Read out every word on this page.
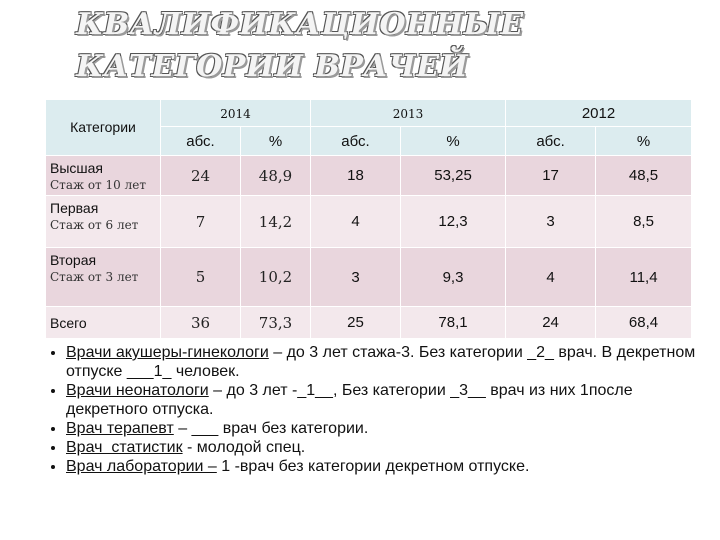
КВАЛИФИКАЦИОННЫЕ
КАТЕГОРИИ ВРАЧЕЙ
Категории	2014		2013		2012	
	абс.	%	абс.	%	абс.	%

Высшая
Стаж от 10 лет	24	48,9	18	53,25	17	48,5

Первая
Стаж от 6 лет	7	14,2	4	12,3	3	8,5

Вторая
Стаж от 3 лет	5	10,2	3	9,3	4	11,4

Всего	36	73,3	25	78,1	24	68,4
• Врачи акушеры-гинекологи – до 3 лет стажа-3. Без категории _2_ врач. В декретном отпуске ___1_ человек.
• Врачи неонатологи – до 3 лет -_1__, Без категории _3__ врач из них 1после декретного отпуска.
• Врач терапевт – ___ врач без категории.
• Врач  статистик - молодой спец.
• Врач лаборатории – 1 -врач без категории декретном отпуске.
